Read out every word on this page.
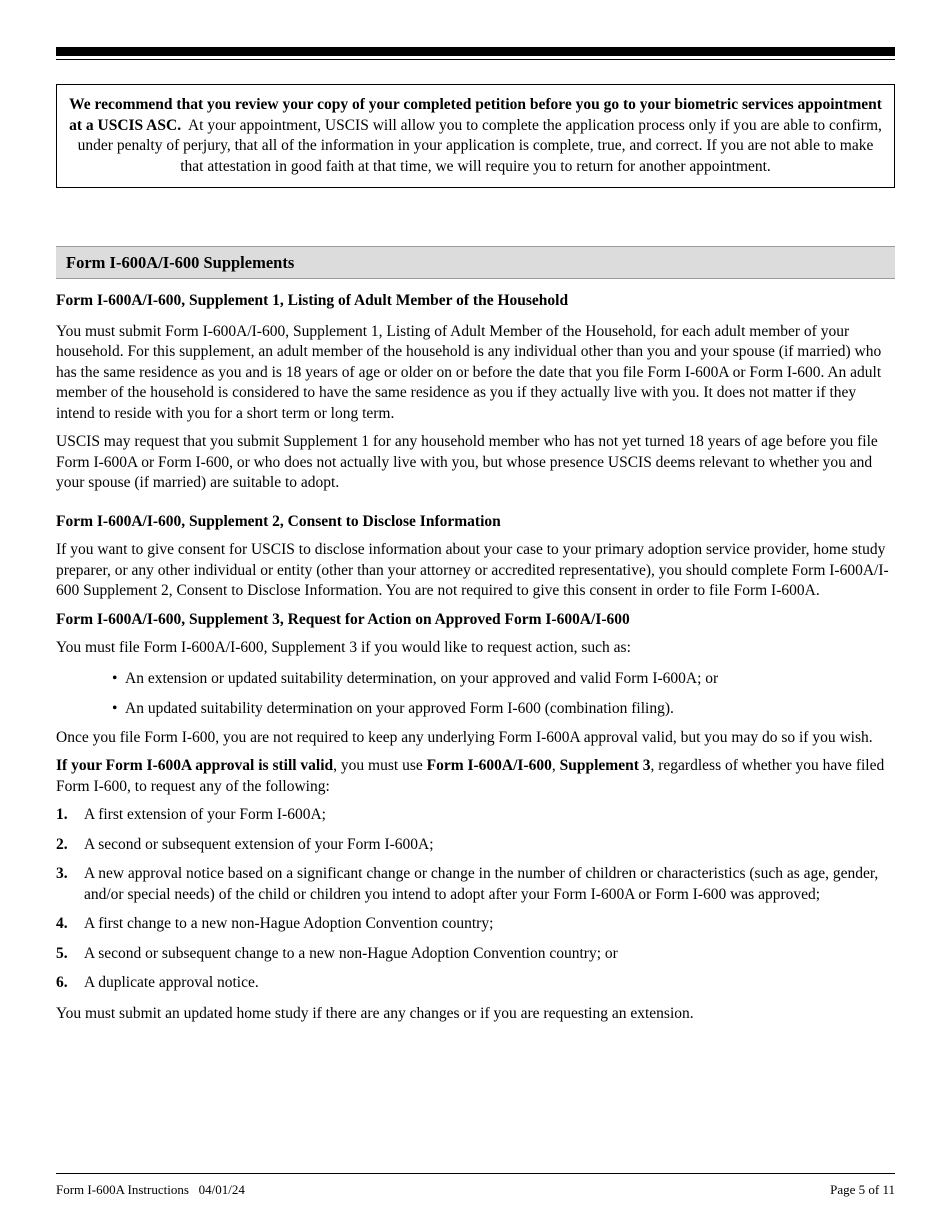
We recommend that you review your copy of your completed petition before you go to your biometric services appointment at a USCIS ASC. At your appointment, USCIS will allow you to complete the application process only if you are able to confirm, under penalty of perjury, that all of the information in your application is complete, true, and correct. If you are not able to make that attestation in good faith at that time, we will require you to return for another appointment.

Form I-600A/I-600 Supplements

Form I-600A/I-600, Supplement 1, Listing of Adult Member of the Household

You must submit Form I-600A/I-600, Supplement 1, Listing of Adult Member of the Household, for each adult member of your household. For this supplement, an adult member of the household is any individual other than you and your spouse (if married) who has the same residence as you and is 18 years of age or older on or before the date that you file Form I-600A or Form I-600. An adult member of the household is considered to have the same residence as you if they actually live with you. It does not matter if they intend to reside with you for a short term or long term.

USCIS may request that you submit Supplement 1 for any household member who has not yet turned 18 years of age before you file Form I-600A or Form I-600, or who does not actually live with you, but whose presence USCIS deems relevant to whether you and your spouse (if married) are suitable to adopt.

Form I-600A/I-600, Supplement 2, Consent to Disclose Information

If you want to give consent for USCIS to disclose information about your case to your primary adoption service provider, home study preparer, or any other individual or entity (other than your attorney or accredited representative), you should complete Form I-600A/I-600 Supplement 2, Consent to Disclose Information. You are not required to give this consent in order to file Form I-600A.

Form I-600A/I-600, Supplement 3, Request for Action on Approved Form I-600A/I-600

You must file Form I-600A/I-600, Supplement 3 if you would like to request action, such as:

• An extension or updated suitability determination, on your approved and valid Form I-600A; or
• An updated suitability determination on your approved Form I-600 (combination filing).

Once you file Form I-600, you are not required to keep any underlying Form I-600A approval valid, but you may do so if you wish.

If your Form I-600A approval is still valid, you must use Form I-600A/I-600, Supplement 3, regardless of whether you have filed Form I-600, to request any of the following:

1. A first extension of your Form I-600A;
2. A second or subsequent extension of your Form I-600A;
3. A new approval notice based on a significant change or change in the number of children or characteristics (such as age, gender, and/or special needs) of the child or children you intend to adopt after your Form I-600A or Form I-600 was approved;
4. A first change to a new non-Hague Adoption Convention country;
5. A second or subsequent change to a new non-Hague Adoption Convention country; or
6. A duplicate approval notice.

You must submit an updated home study if there are any changes or if you are requesting an extension.

Form I-600A Instructions   04/01/24	Page 5 of 11
